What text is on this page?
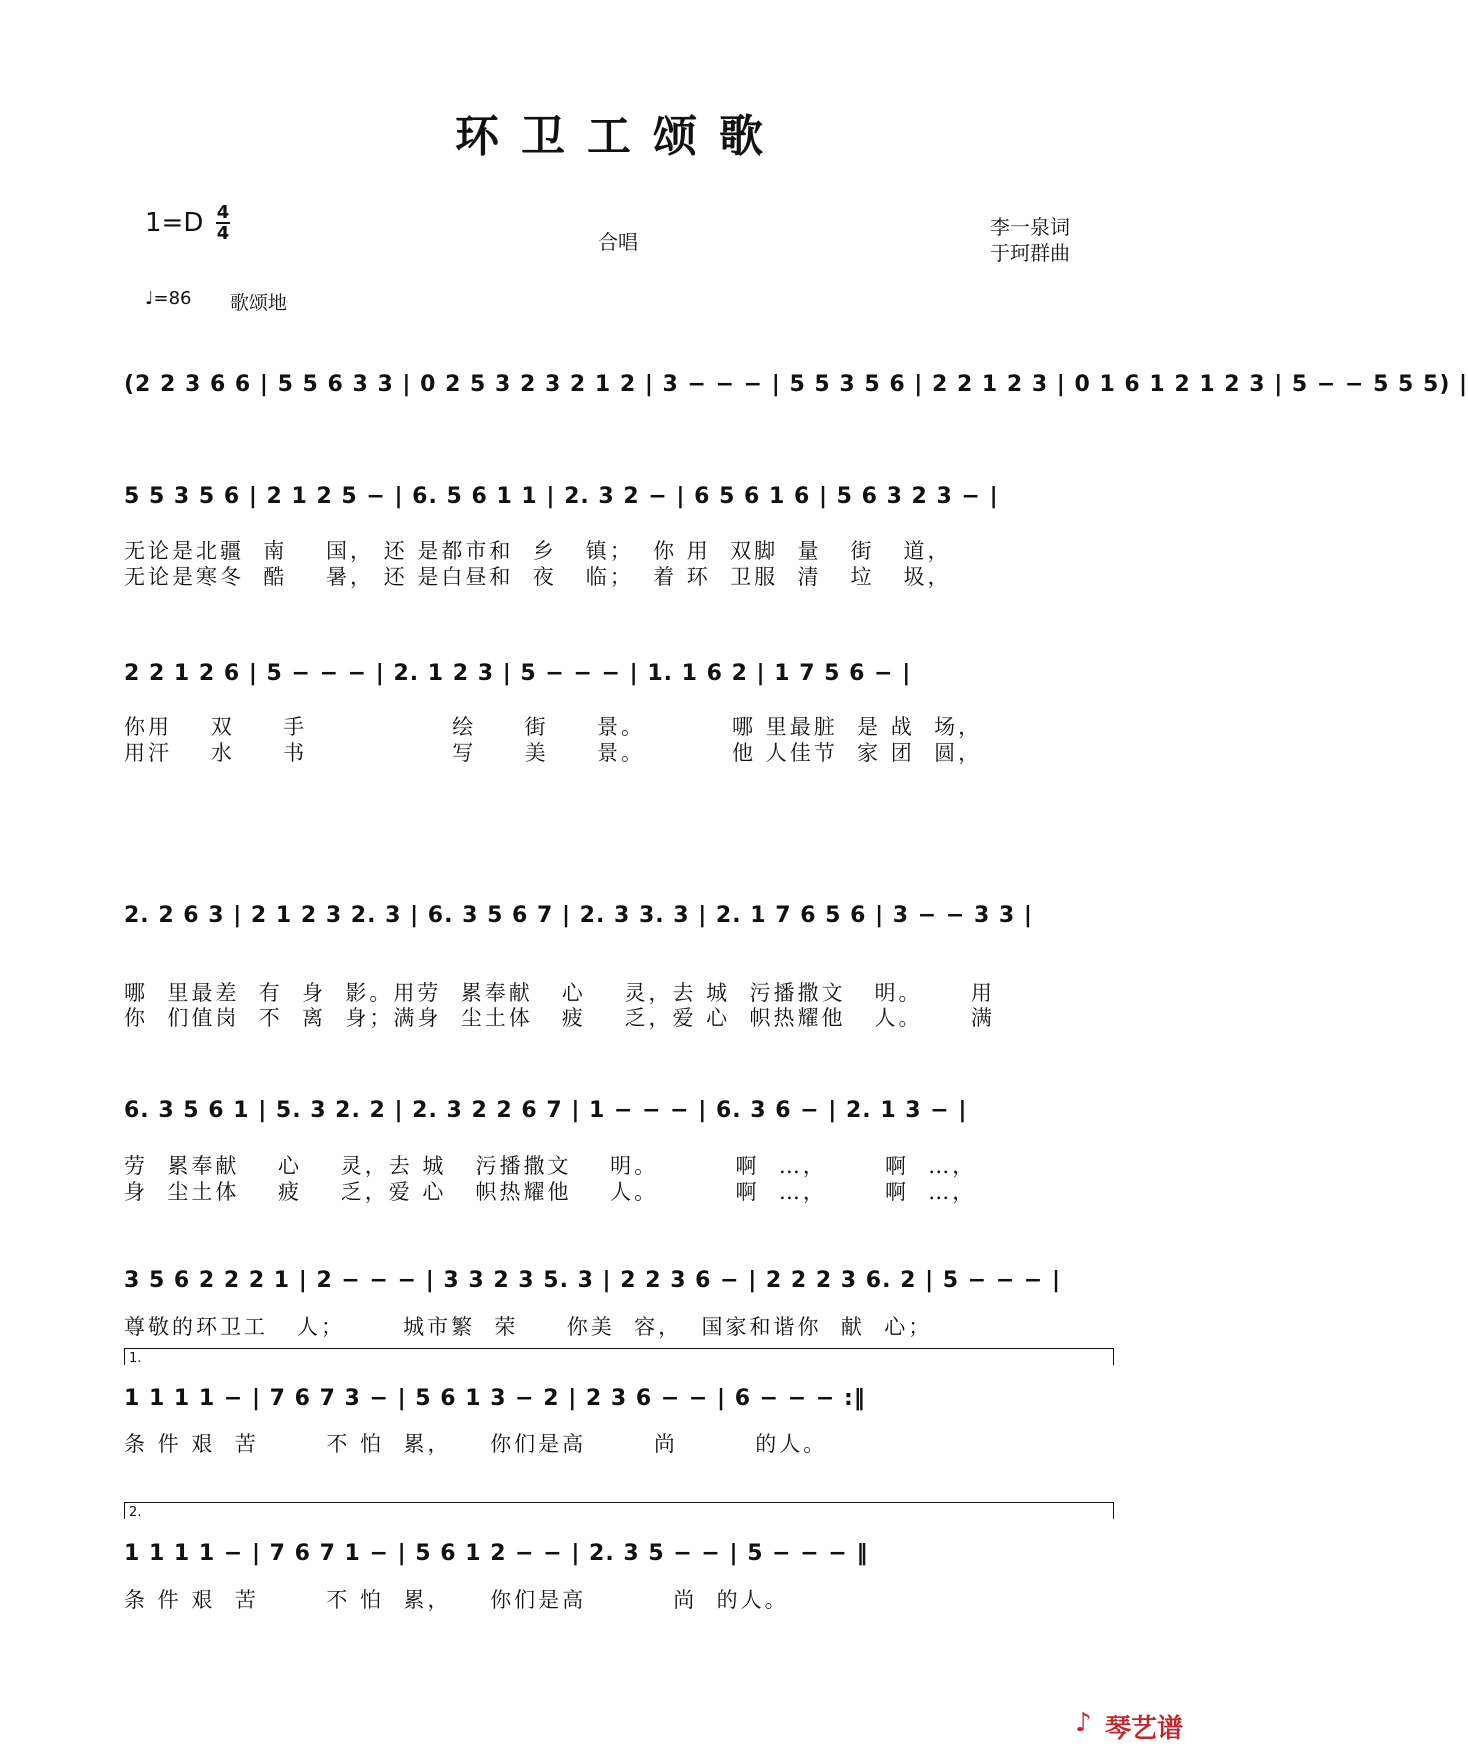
环卫工颂歌
1=D 4
4	合唱
李一泉词
于珂群曲
♩=86 歌颂地
(2 2 3 6 6 | 5 5 6 3 3 | 0 2 5 3 2 3 2 1 2 | 3 − − − | 5 5 3 5 6 | 2 2 1 2 3 | 0 1 6 1 2 1 2 3 | 5 − − 5 5 5) |
5 5 3 5 6 | 2 1 2 5 − | 6. 5 6 1 1 | 2. 3 2 − | 6 5 6 1 6 | 5 6 3 2 3 − |
无论是北疆  南    国， 还 是都市和  乡   镇；  你 用  双脚  量   街   道，
无论是寒冬  酷    暑， 还 是白昼和  夜   临；  着 环  卫服  清   垃   圾，
2 2 1 2 6 | 5 − − − | 2. 1 2 3 | 5 − − − | 1. 1 6 2 | 1 7 5 6 − |
你用    双     手               绘     街     景。         哪 里最脏  是 战  场，
用汗    水     书               写     美     景。         他 人佳节  家 团  圆，
2. 2 6 3 | 2 1 2 3 2. 3 | 6. 3 5 6 7 | 2. 3 3. 3 | 2. 1 7 6 5 6 | 3 − − 3 3 |
哪  里最差  有  身  影。用劳  累奉献   心    灵，去 城  污播撒文   明。     用
你  们值岗  不  离  身；满身  尘土体   疲    乏，爱 心  帜热耀他   人。     满
6. 3 5 6 1 | 5. 3 2. 2 | 2. 3 2 2 6 7 | 1 − − − | 6. 3 6 − | 2. 1 3 − |
劳  累奉献    心    灵，去 城   污播撒文    明。        啊  …，      啊  …，
身  尘土体    疲    乏，爱 心   帜热耀他    人。        啊  …，      啊  …，
3 5 6 2 2 2 1 | 2 − − − | 3 3 2 3 5. 3 | 2 2 3 6 − | 2 2 2 3 6. 2 | 5 − − − |
尊敬的环卫工   人；      城市繁  荣     你美  容，  国家和谐你  献  心；
1.
1 1 1 1 − | 7 6 7 3 − | 5 6 1 3 − 2 | 2 3 6 − − | 6 − − − :‖
条 件 艰  苦       不 怕  累，    你们是高       尚        的人。
2.
1 1 1 1 − | 7 6 7 1 − | 5 6 1 2 − − | 2. 3 5 − − | 5 − − − ‖
条 件 艰  苦       不 怕  累，    你们是高         尚  的人。
♪ 琴艺谱
